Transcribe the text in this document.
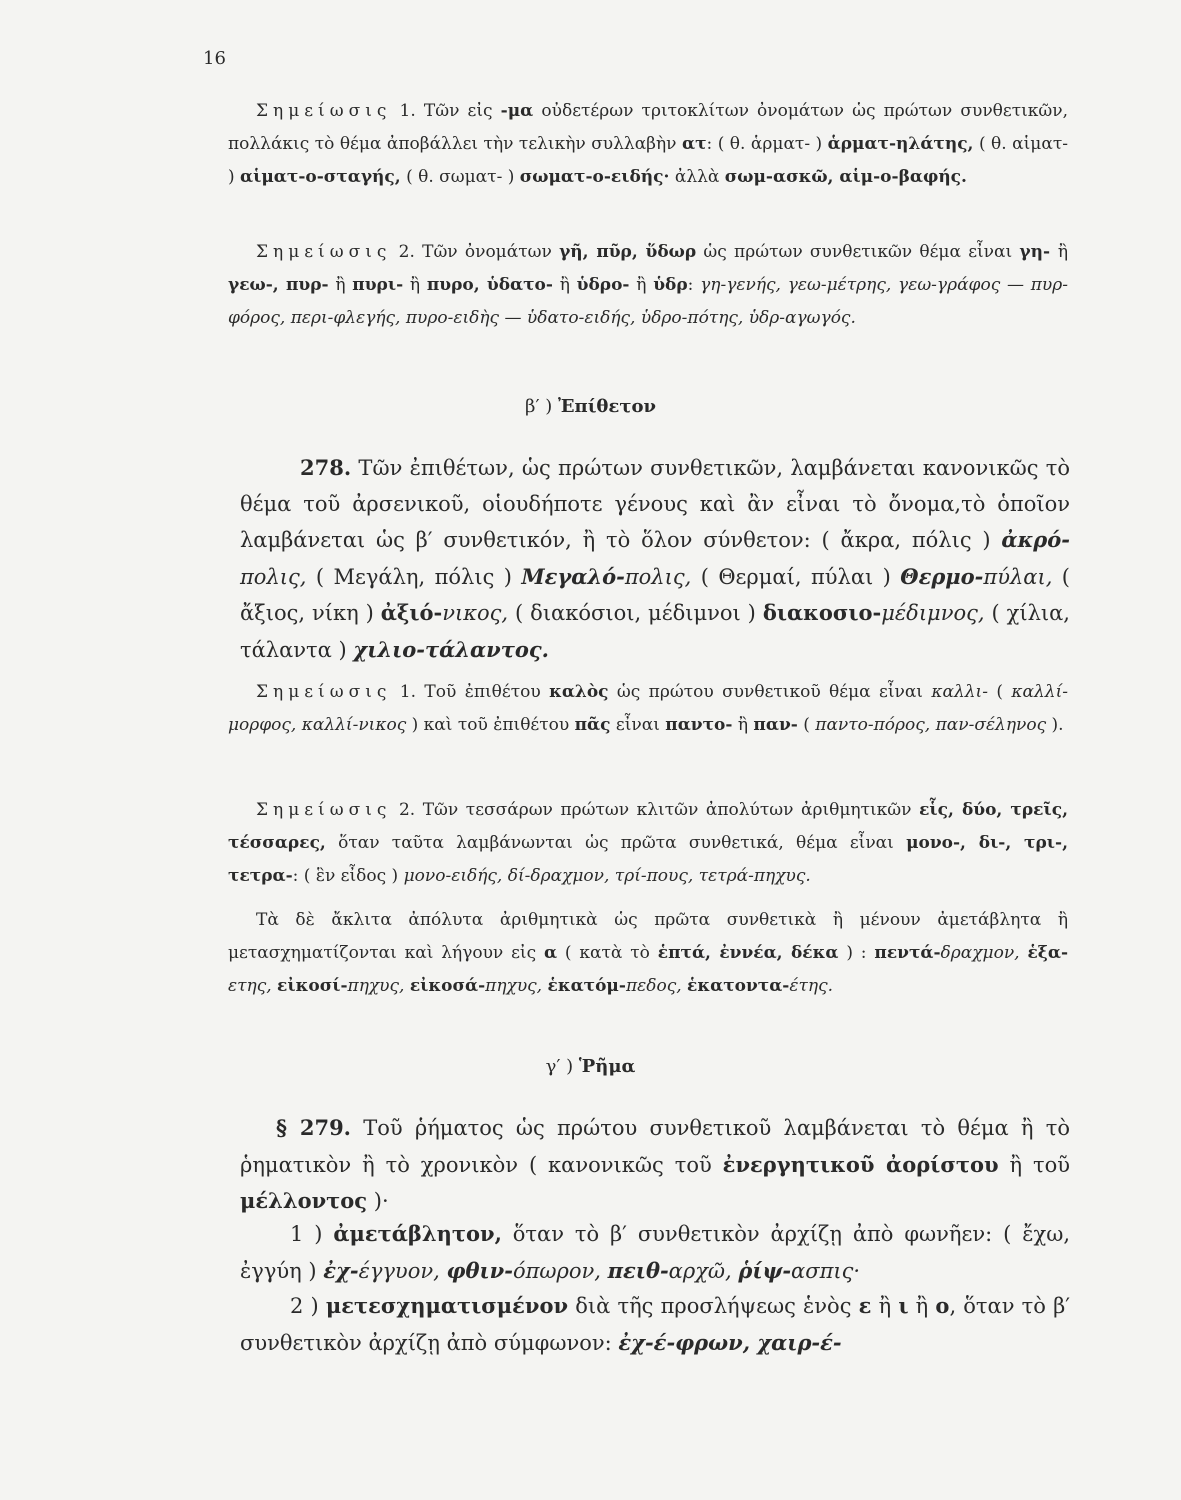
16
Σημείωσις 1. Τῶν εἰς -μα οὐδετέρων τριτοκλίτων ὀνομάτων ὡς πρώτων συνθετικῶν, πολλάκις τὸ θέμα ἀποβάλλει τὴν τελικὴν συλλαβὴν ατ: ( θ. ἁρματ- ) ἁρματ-ηλάτης, ( θ. αἱματ- ) αἱματ-ο-σταγής, ( θ. σωματ- ) σωματ-ο-ειδής· ἀλλὰ σωμ-ασκῶ, αἱμ-ο-βαφής.
Σημείωσις 2. Τῶν ὀνομάτων γῆ, πῦρ, ὕδωρ ὡς πρώτων συνθετικῶν θέμα εἶναι γη- ἢ γεω-, πυρ- ἢ πυρι- ἢ πυρο, ὑδατο- ἢ ὑδρο- ἢ ὑδρ: γη-γενής, γεω-μέτρης, γεω-γράφος — πυρ-φόρος, περι-φλεγής, πυρο-ειδὴς — ὑδατο-ειδής, ὑδρο-πότης, ὑδρ-αγωγός.
β′ ) Ἐπίθετον
278. Τῶν ἐπιθέτων, ὡς πρώτων συνθετικῶν, λαμβάνεται κανονικῶς τὸ θέμα τοῦ ἀρσενικοῦ, οἱουδήποτε γένους καὶ ἂν εἶναι τὸ ὄνομα,τὸ ὁποῖον λαμβάνεται ὡς β′ συνθετικόν, ἢ τὸ ὅλον σύνθετον: ( ἄκρα, πόλις ) ἀκρό-πολις, ( Μεγάλη, πόλις ) Μεγαλό-πολις, ( Θερμαί, πύλαι ) Θερμο-πύλαι, ( ἄξιος, νίκη ) ἀξιό-νικος, ( διακόσιοι, μέδιμνοι ) διακοσιο-μέδιμνος, ( χίλια, τάλαντα ) χιλιο-τάλαντος.
Σημείωσις 1. Τοῦ ἐπιθέτου καλὸς ὡς πρώτου συνθετικοῦ θέμα εἶναι καλλι- ( καλλί-μορφος, καλλί-νικος ) καὶ τοῦ ἐπιθέτου πᾶς εἶναι παντο- ἢ παν- ( παντο-πόρος, παν-σέληνος ).
Σημείωσις 2. Τῶν τεσσάρων πρώτων κλιτῶν ἀπολύτων ἀριθμητικῶν εἷς, δύο, τρεῖς, τέσσαρες, ὅταν ταῦτα λαμβάνωνται ὡς πρῶτα συνθετικά, θέμα εἶναι μονο-, δι-, τρι-, τετρα-: ( ἓν εἶδος ) μονο-ειδής, δί-δραχμον, τρί-πους, τετρά-πηχυς.
Τὰ δὲ ἄκλιτα ἀπόλυτα ἀριθμητικὰ ὡς πρῶτα συνθετικὰ ἢ μένουν ἀμετάβλητα ἢ μετασχηματίζονται καὶ λήγουν εἰς α ( κατὰ τὸ ἑπτά, ἐννέα, δέκα ) : πεντά-δραχμον, ἑξα-ετης, εἰκοσί-πηχυς, εἰκοσά-πηχυς, ἑκατόμ-πεδος, ἑκατοντα-έτης.
γ′ ) Ῥῆμα
§ 279. Τοῦ ῥήματος ὡς πρώτου συνθετικοῦ λαμβάνεται τὸ θέμα ἢ τὸ ῥηματικὸν ἢ τὸ χρονικὸν ( κανονικῶς τοῦ ἐνεργητικοῦ ἀορίστου ἢ τοῦ μέλλοντος )·
1 ) ἀμετάβλητον, ὅταν τὸ β′ συνθετικὸν ἀρχίζῃ ἀπὸ φωνῆεν: ( ἔχω, ἐγγύη ) ἐχ-έγγυον, φθιν-όπωρον, πειθ-αρχῶ, ῥίψ-ασπις·
2 ) μετεσχηματισμένον διὰ τῆς προσλήψεως ἑνὸς ε ἢ ι ἢ ο, ὅταν τὸ β′ συνθετικὸν ἀρχίζῃ ἀπὸ σύμφωνον: ἐχ-έ-φρων, χαιρ-έ-
